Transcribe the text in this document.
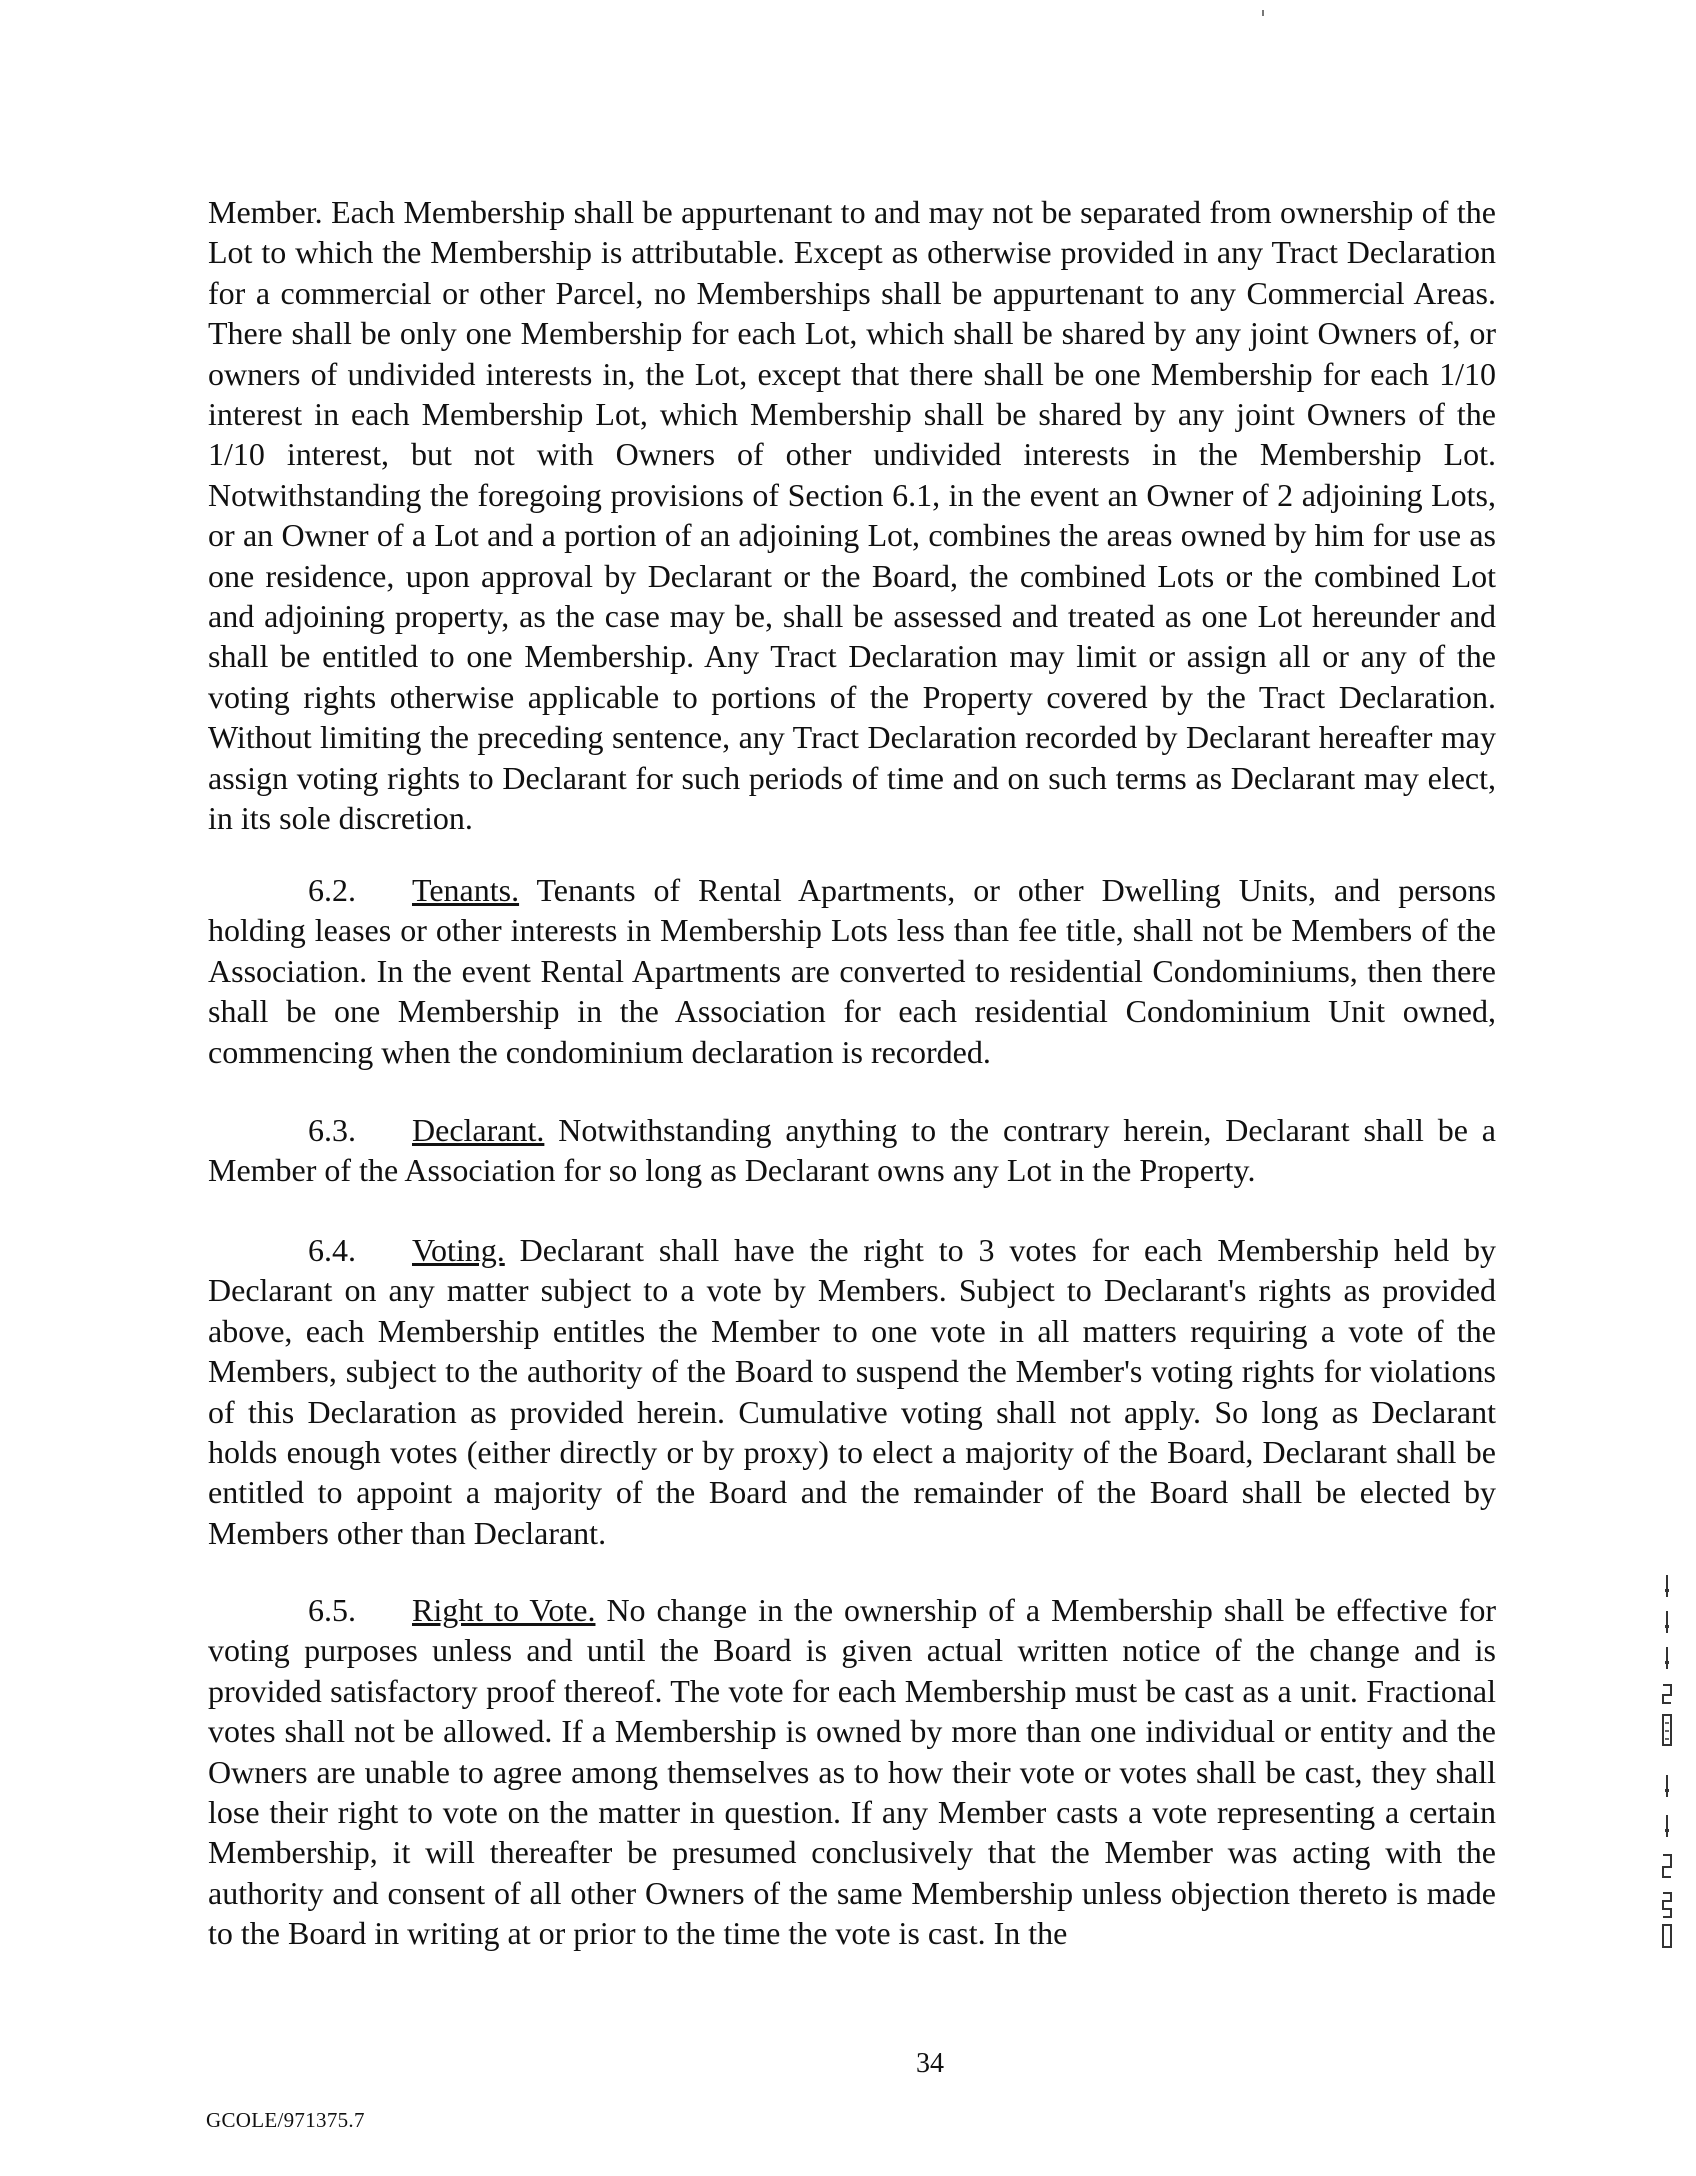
Member. Each Membership shall be appurtenant to and may not be separated from ownership of the Lot to which the Membership is attributable. Except as otherwise provided in any Tract Declaration for a commercial or other Parcel, no Memberships shall be appurtenant to any Commercial Areas. There shall be only one Membership for each Lot, which shall be shared by any joint Owners of, or owners of undivided interests in, the Lot, except that there shall be one Membership for each 1/10 interest in each Membership Lot, which Membership shall be shared by any joint Owners of the 1/10 interest, but not with Owners of other undivided interests in the Membership Lot. Notwithstanding the foregoing provisions of Section 6.1, in the event an Owner of 2 adjoining Lots, or an Owner of a Lot and a portion of an adjoining Lot, combines the areas owned by him for use as one residence, upon approval by Declarant or the Board, the combined Lots or the combined Lot and adjoining property, as the case may be, shall be assessed and treated as one Lot hereunder and shall be entitled to one Membership. Any Tract Declaration may limit or assign all or any of the voting rights otherwise applicable to portions of the Property covered by the Tract Declaration. Without limiting the preceding sentence, any Tract Declaration recorded by Declarant hereafter may assign voting rights to Declarant for such periods of time and on such terms as Declarant may elect, in its sole discretion.

6.2. Tenants. Tenants of Rental Apartments, or other Dwelling Units, and persons holding leases or other interests in Membership Lots less than fee title, shall not be Members of the Association. In the event Rental Apartments are converted to residential Condominiums, then there shall be one Membership in the Association for each residential Condominium Unit owned, commencing when the condominium declaration is recorded.

6.3. Declarant. Notwithstanding anything to the contrary herein, Declarant shall be a Member of the Association for so long as Declarant owns any Lot in the Property.

6.4. Voting. Declarant shall have the right to 3 votes for each Membership held by Declarant on any matter subject to a vote by Members. Subject to Declarant's rights as provided above, each Membership entitles the Member to one vote in all matters requiring a vote of the Members, subject to the authority of the Board to suspend the Member's voting rights for violations of this Declaration as provided herein. Cumulative voting shall not apply. So long as Declarant holds enough votes (either directly or by proxy) to elect a majority of the Board, Declarant shall be entitled to appoint a majority of the Board and the remainder of the Board shall be elected by Members other than Declarant.

6.5. Right to Vote. No change in the ownership of a Membership shall be effective for voting purposes unless and until the Board is given actual written notice of the change and is provided satisfactory proof thereof. The vote for each Membership must be cast as a unit. Fractional votes shall not be allowed. If a Membership is owned by more than one individual or entity and the Owners are unable to agree among themselves as to how their vote or votes shall be cast, they shall lose their right to vote on the matter in question. If any Member casts a vote representing a certain Membership, it will thereafter be presumed conclusively that the Member was acting with the authority and consent of all other Owners of the same Membership unless objection thereto is made to the Board in writing at or prior to the time the vote is cast. In the

34
GCOLE/971375.7
